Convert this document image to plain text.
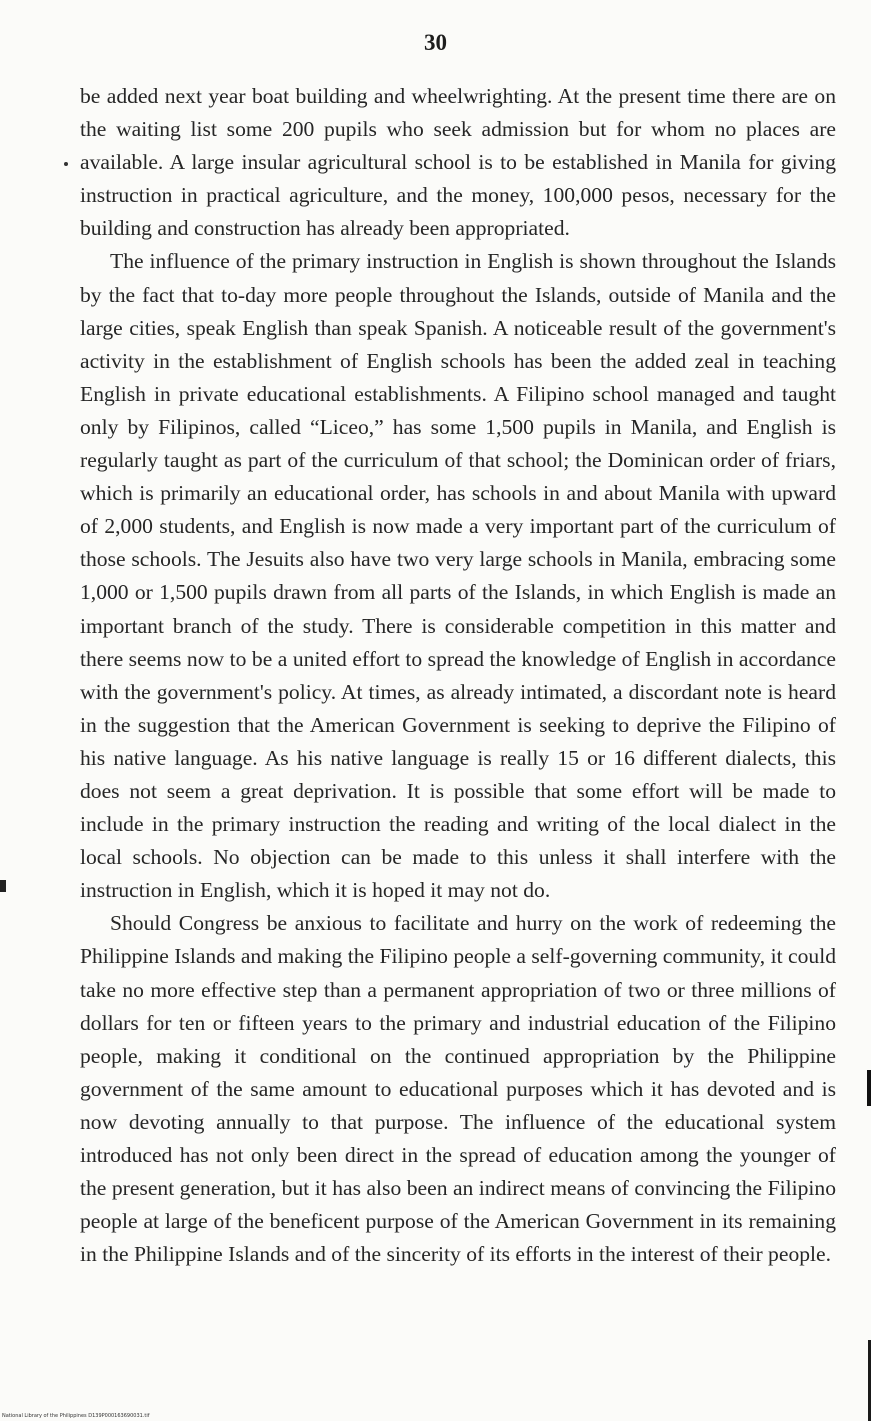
30

be added next year boat building and wheelwrighting. At the present time there are on the waiting list some 200 pupils who seek admission but for whom no places are available. A large insular agricultural school is to be established in Manila for giving instruction in practical agriculture, and the money, 100,000 pesos, necessary for the building and construction has already been appropriated.

The influence of the primary instruction in English is shown throughout the Islands by the fact that to-day more people throughout the Islands, outside of Manila and the large cities, speak English than speak Spanish. A noticeable result of the government's activity in the establishment of English schools has been the added zeal in teaching English in private educational establishments. A Filipino school managed and taught only by Filipinos, called “Liceo,” has some 1,500 pupils in Manila, and English is regularly taught as part of the curriculum of that school; the Dominican order of friars, which is primarily an educational order, has schools in and about Manila with upward of 2,000 students, and English is now made a very important part of the curriculum of those schools. The Jesuits also have two very large schools in Manila, embracing some 1,000 or 1,500 pupils drawn from all parts of the Islands, in which English is made an important branch of the study. There is considerable competition in this matter and there seems now to be a united effort to spread the knowledge of English in accordance with the government's policy. At times, as already intimated, a discordant note is heard in the suggestion that the American Government is seeking to deprive the Filipino of his native language. As his native language is really 15 or 16 different dialects, this does not seem a great deprivation. It is possible that some effort will be made to include in the primary instruction the reading and writing of the local dialect in the local schools. No objection can be made to this unless it shall interfere with the instruction in English, which it is hoped it may not do.

Should Congress be anxious to facilitate and hurry on the work of redeeming the Philippine Islands and making the Filipino people a self-governing community, it could take no more effective step than a permanent appropriation of two or three millions of dollars for ten or fifteen years to the primary and industrial education of the Filipino people, making it conditional on the continued appropriation by the Philippine government of the same amount to educational purposes which it has devoted and is now devoting annually to that purpose. The influence of the educational system introduced has not only been direct in the spread of education among the younger of the present generation, but it has also been an indirect means of convincing the Filipino people at large of the beneficent purpose of the American Government in its remaining in the Philippine Islands and of the sincerity of its efforts in the interest of their people.

National Library of the Philippines D139P000163690031.tif
